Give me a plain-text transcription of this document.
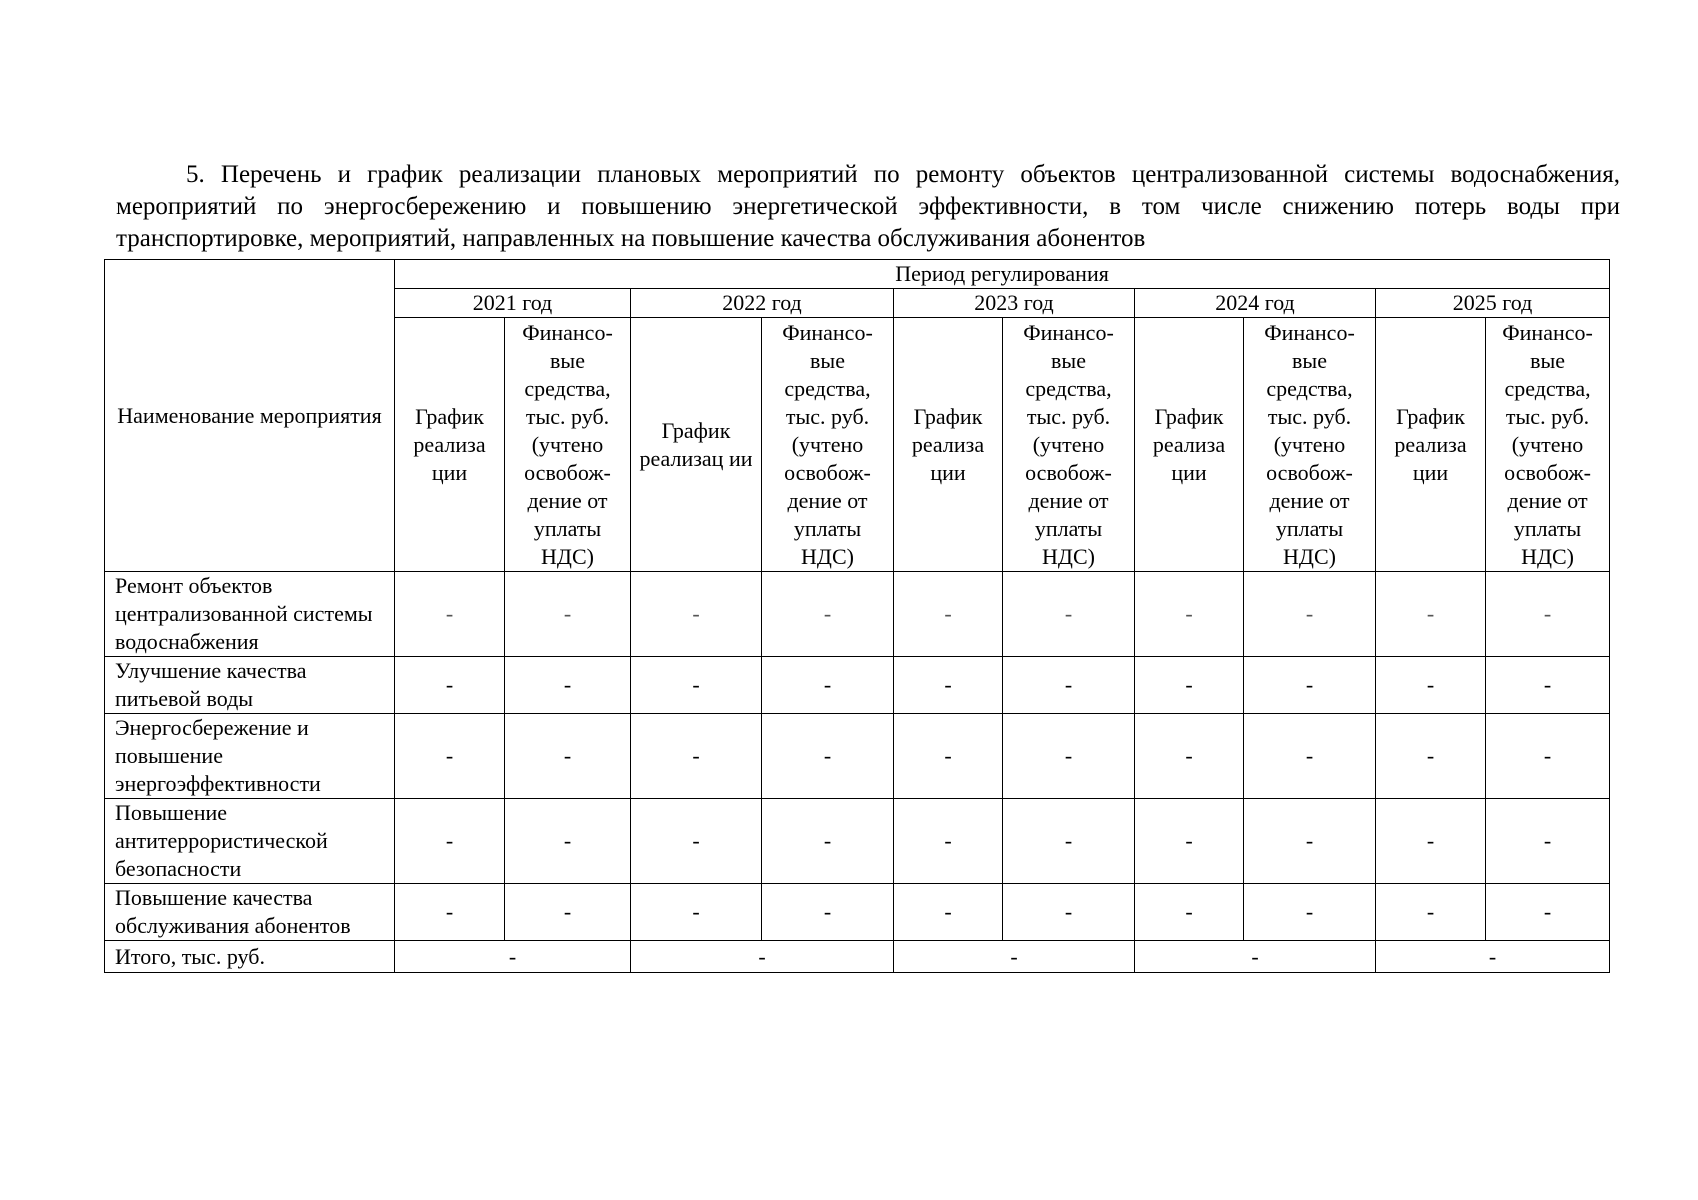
5. Перечень и график реализации плановых мероприятий по ремонту объектов централизованной системы водоснабжения, мероприятий по энергосбережению и повышению энергетической эффективности, в том числе снижению потерь воды при транспортировке, мероприятий, направленных на повышение качества обслуживания абонентов

Наименование мероприятия	Период регулирования									
	2021 год		2022 год		2023 год		2024 год		2025 год	
	График реализа ции	Финансо- вые средства, тыс. руб. (учтено освобож- дение от уплаты НДС)	График реализац ии	Финансо- вые средства, тыс. руб. (учтено освобож- дение от уплаты НДС)	График реализа ции	Финансо- вые средства, тыс. руб. (учтено освобож- дение от уплаты НДС)	График реализа ции	Финансо- вые средства, тыс. руб. (учтено освобож- дение от уплаты НДС)	График реализа ции	Финансо- вые средства, тыс. руб. (учтено освобож- дение от уплаты НДС)
Ремонт объектов централизованной системы водоснабжения	-	-	-	-	-	-	-	-	-	-
Улучшение качества питьевой воды	-	-	-	-	-	-	-	-	-	-
Энергосбережение и повышение энергоэффективности	-	-	-	-	-	-	-	-	-	-
Повышение антитеррористической безопасности	-	-	-	-	-	-	-	-	-	-
Повышение качества обслуживания абонентов	-	-	-	-	-	-	-	-	-	-
Итого, тыс. руб.	-		-		-		-		-	
